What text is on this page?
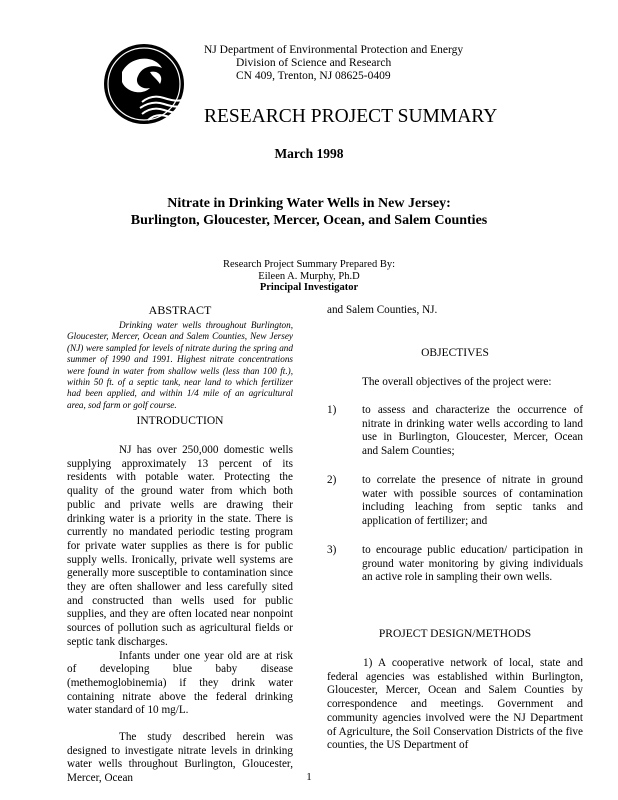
NJ Department of Environmental Protection and Energy
Division of Science and Research
CN 409, Trenton, NJ 08625-0409
RESEARCH PROJECT SUMMARY
March 1998
Nitrate in Drinking Water Wells in New Jersey:
Burlington, Gloucester, Mercer, Ocean, and Salem Counties
Research Project Summary Prepared By:
Eileen A. Murphy, Ph.D
Principal Investigator
ABSTRACT

Drinking water wells throughout Burlington, Gloucester, Mercer, Ocean and Salem Counties, New Jersey (NJ) were sampled for levels of nitrate during the spring and summer of 1990 and 1991. Highest nitrate concentrations were found in water from shallow wells (less than 100 ft.), within 50 ft. of a septic tank, near land to which fertilizer had been applied, and within 1/4 mile of an agricultural area, sod farm or golf course.

INTRODUCTION

NJ has over 250,000 domestic wells supplying approximately 13 percent of its residents with potable water. Protecting the quality of the ground water from which both public and private wells are drawing their drinking water is a priority in the state. There is currently no mandated periodic testing program for private water supplies as there is for public supply wells. Ironically, private well systems are generally more susceptible to contamination since they are often shallower and less carefully sited and constructed than wells used for public supplies, and they are often located near nonpoint sources of pollution such as agricultural fields or septic tank discharges.

Infants under one year old are at risk of developing blue baby disease (methemoglobinemia) if they drink water containing nitrate above the federal drinking water standard of 10 mg/L.

The study described herein was designed to investigate nitrate levels in drinking water wells throughout Burlington, Gloucester, Mercer, Ocean

and Salem Counties, NJ.
OBJECTIVES
The overall objectives of the project were:
1) to assess and characterize the occurrence of nitrate in drinking water wells according to land use in Burlington, Gloucester, Mercer, Ocean and Salem Counties;
2) to correlate the presence of nitrate in ground water with possible sources of contamination including leaching from septic tanks and application of fertilizer; and
3) to encourage public education/ participation in ground water monitoring by giving individuals an active role in sampling their own wells.
PROJECT DESIGN/METHODS

1) A cooperative network of local, state and federal agencies was established within Burlington, Gloucester, Mercer, Ocean and Salem Counties by correspondence and meetings. Government and community agencies involved were the NJ Department of Agriculture, the Soil Conservation Districts of the five counties, the US Department of

1
